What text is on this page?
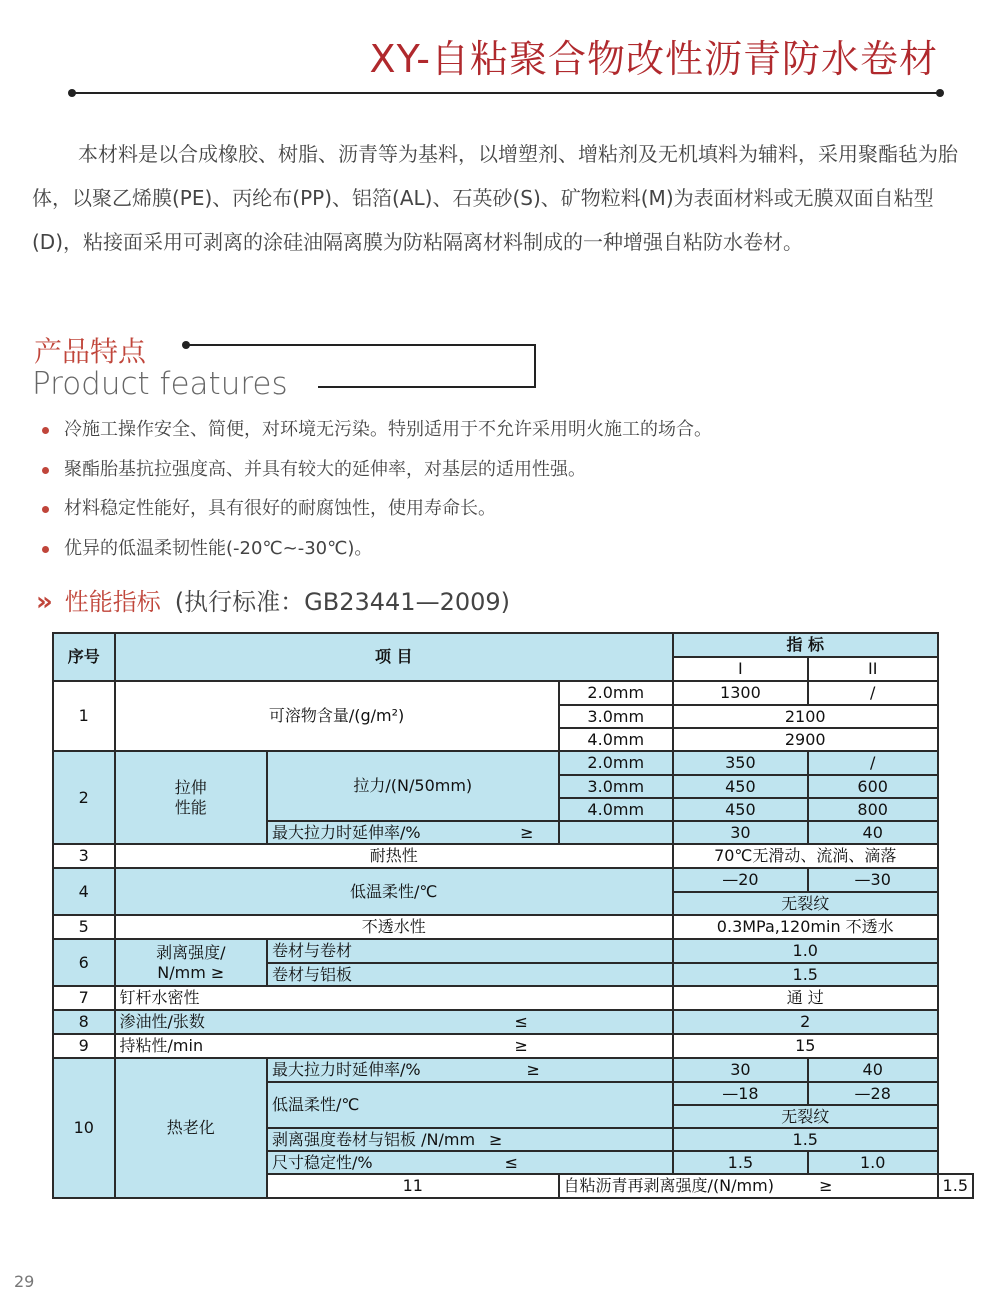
XY-自粘聚合物改性沥青防水卷材

本材料是以合成橡胶、树脂、沥青等为基料，以增塑剂、增粘剂及无机填料为辅料，采用聚酯毡为胎体，以聚乙烯膜(PE)、丙纶布(PP)、铝箔(AL)、石英砂(S)、矿物粒料(M)为表面材料或无膜双面自粘型(D)，粘接面采用可剥离的涂硅油隔离膜为防粘隔离材料制成的一种增强自粘防水卷材。

产品特点
Product features
冷施工操作安全、简便，对环境无污染。特别适用于不允许采用明火施工的场合。
聚酯胎基抗拉强度高、并具有较大的延伸率，对基层的适用性强。
材料稳定性能好，具有很好的耐腐蚀性，使用寿命长。
优异的低温柔韧性能(-20℃~-30℃)。
» 性能指标 (执行标准：GB23441—2009)
序号	项 目			指 标		
				I	II	
1	可溶物含量/(g/m²)		2.0mm	1300	/	
			3.0mm	2100		
			4.0mm	2900		
2	拉伸
性能	拉力/(N/50mm)	2.0mm	350	/	
			3.0mm	450	600	
			4.0mm	450	800	
		最大拉力时延伸率/% ≥		30	40	
3	耐热性			70℃无滑动、流淌、滴落		
4	低温柔性/℃			—20	—30	
				无裂纹		
5	不透水性			0.3MPa,120min 不透水		
6	剥离强度/
N/mm ≥	卷材与卷材		1.0		
		卷材与铝板		1.5		
7	钉杆水密性			通 过		
8	渗油性/张数 ≤			2		
9	持粘性/min ≥			15		
10	热老化	最大拉力时延伸率/% ≥		30	40	
		低温柔性/℃		—18	—28	
				无裂纹		
		剥离强度卷材与铝板 /N/mm ≥		1.5		
		尺寸稳定性/% ≤		1.5	1.0	
		11	自粘沥青再剥离强度/(N/mm) ≥			1.5
29
